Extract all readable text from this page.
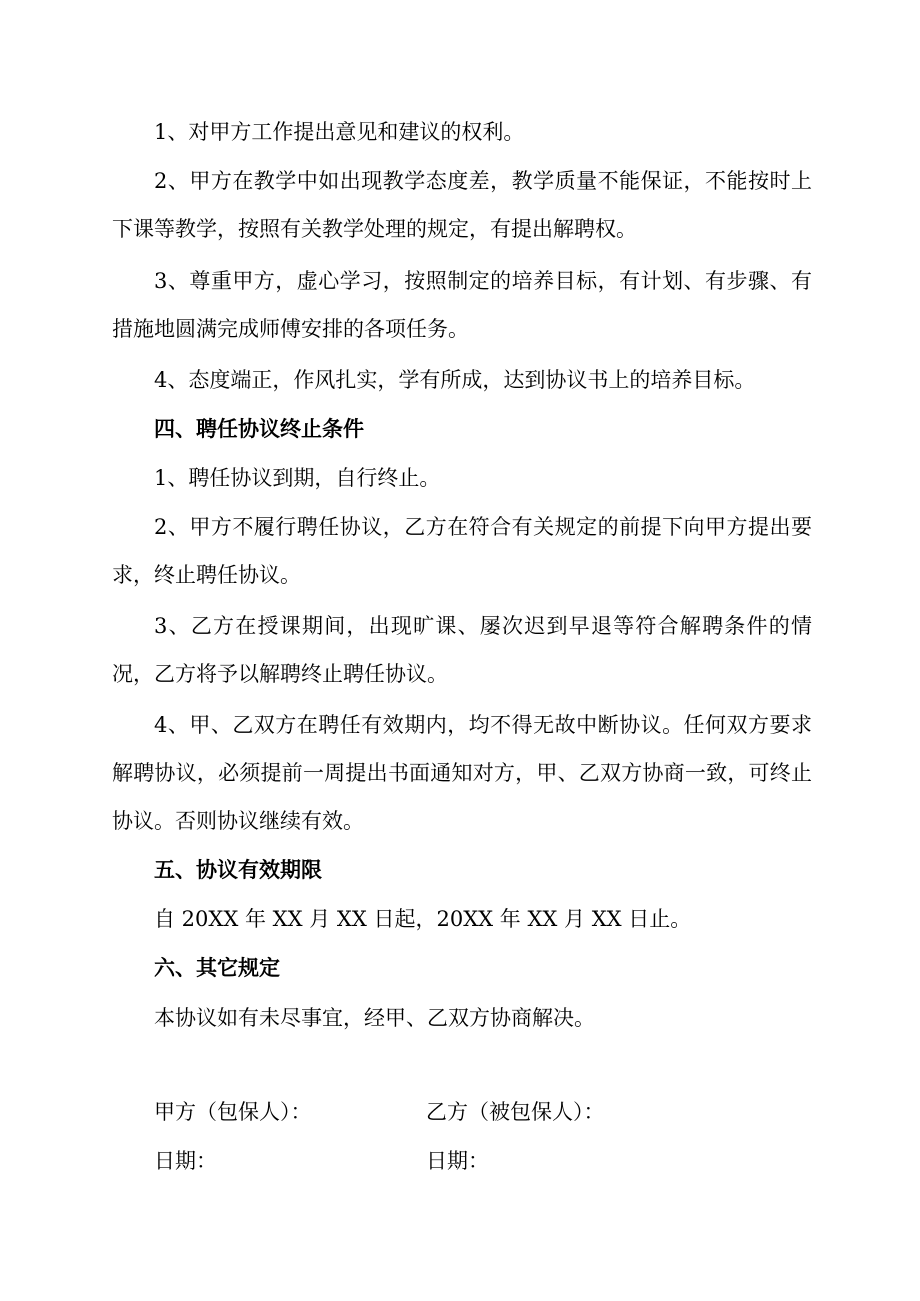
1、对甲方工作提出意见和建议的权利。

2、甲方在教学中如出现教学态度差，教学质量不能保证，不能按时上下课等教学，按照有关教学处理的规定，有提出解聘权。

3、尊重甲方，虚心学习，按照制定的培养目标，有计划、有步骤、有措施地圆满完成师傅安排的各项任务。

4、态度端正，作风扎实，学有所成，达到协议书上的培养目标。

四、聘任协议终止条件

1、聘任协议到期，自行终止。

2、甲方不履行聘任协议，乙方在符合有关规定的前提下向甲方提出要求，终止聘任协议。

3、乙方在授课期间，出现旷课、屡次迟到早退等符合解聘条件的情况，乙方将予以解聘终止聘任协议。

4、甲、乙双方在聘任有效期内，均不得无故中断协议。任何双方要求解聘协议，必须提前一周提出书面通知对方，甲、乙双方协商一致，可终止协议。否则协议继续有效。

五、协议有效期限

自 20XX 年 XX 月 XX 日起，20XX 年 XX 月 XX 日止。

六、其它规定

本协议如有未尽事宜，经甲、乙双方协商解决。

甲方（包保人）：	乙方（被包保人）：

日期：	日期：
